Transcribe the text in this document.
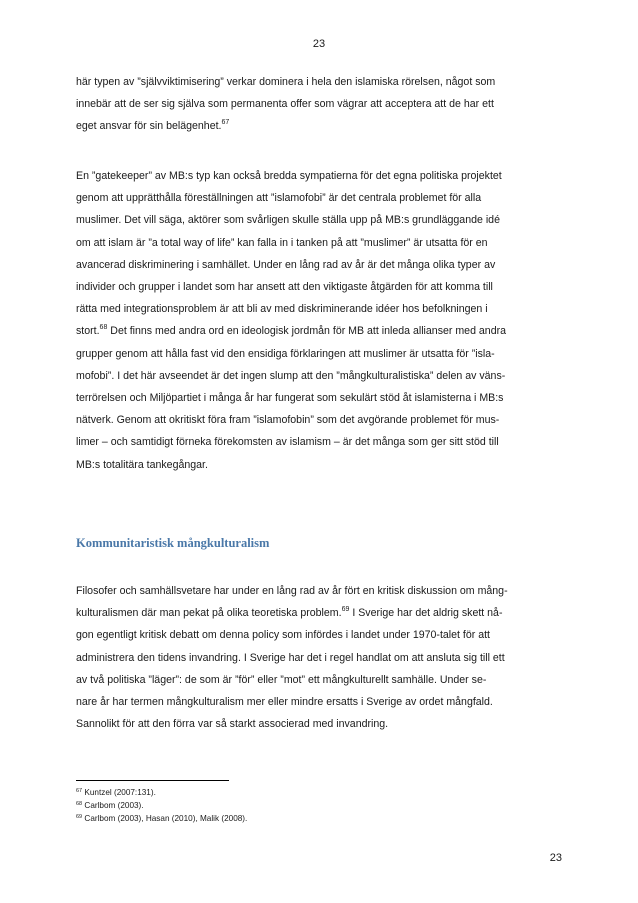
23

här typen av ”självviktimisering” verkar dominera i hela den islamiska rörelsen, något som
innebär att de ser sig själva som permanenta offer som vägrar att acceptera att de har ett
eget ansvar för sin belägenhet.$^{67}$

En ”gatekeeper” av MB:s typ kan också bredda sympatierna för det egna politiska projektet
genom att upprätthålla föreställningen att ”islamofobi” är det centrala problemet för alla
muslimer. Det vill säga, aktörer som svårligen skulle ställa upp på MB:s grundläggande idé
om att islam är ”a total way of life” kan falla in i tanken på att ”muslimer” är utsatta för en
avancerad diskriminering i samhället. Under en lång rad av år är det många olika typer av
individer och grupper i landet som har ansett att den viktigaste åtgärden för att komma till
rätta med integrationsproblem är att bli av med diskriminerande idéer hos befolkningen i
stort.$^{68}$ Det finns med andra ord en ideologisk jordmån för MB att inleda allianser med andra
grupper genom att hålla fast vid den ensidiga förklaringen att muslimer är utsatta för ”isla-
mofobi”. I det här avseendet är det ingen slump att den ”mångkulturalistiska” delen av väns-
terrörelsen och Miljöpartiet i många år har fungerat som sekulärt stöd åt islamisterna i MB:s
nätverk. Genom att okritiskt föra fram ”islamofobin” som det avgörande problemet för mus-
limer – och samtidigt förneka förekomsten av islamism – är det många som ger sitt stöd till
MB:s totalitära tankegångar.

Kommunitaristisk mångkulturalism

Filosofer och samhällsvetare har under en lång rad av år fört en kritisk diskussion om mång-
kulturalismen där man pekat på olika teoretiska problem.$^{69}$ I Sverige har det aldrig skett nå-
gon egentligt kritisk debatt om denna policy som infördes i landet under 1970-talet för att
administrera den tidens invandring. I Sverige har det i regel handlat om att ansluta sig till ett
av två politiska ”läger”: de som är ”för” eller ”mot” ett mångkulturellt samhälle. Under se-
nare år har termen mångkulturalism mer eller mindre ersatts i Sverige av ordet mångfald.
Sannolikt för att den förra var så starkt associerad med invandring.

$^{67}$ Kuntzel (2007:131).
$^{68}$ Carlbom (2003).
$^{69}$ Carlbom (2003), Hasan (2010), Malik (2008).
23
